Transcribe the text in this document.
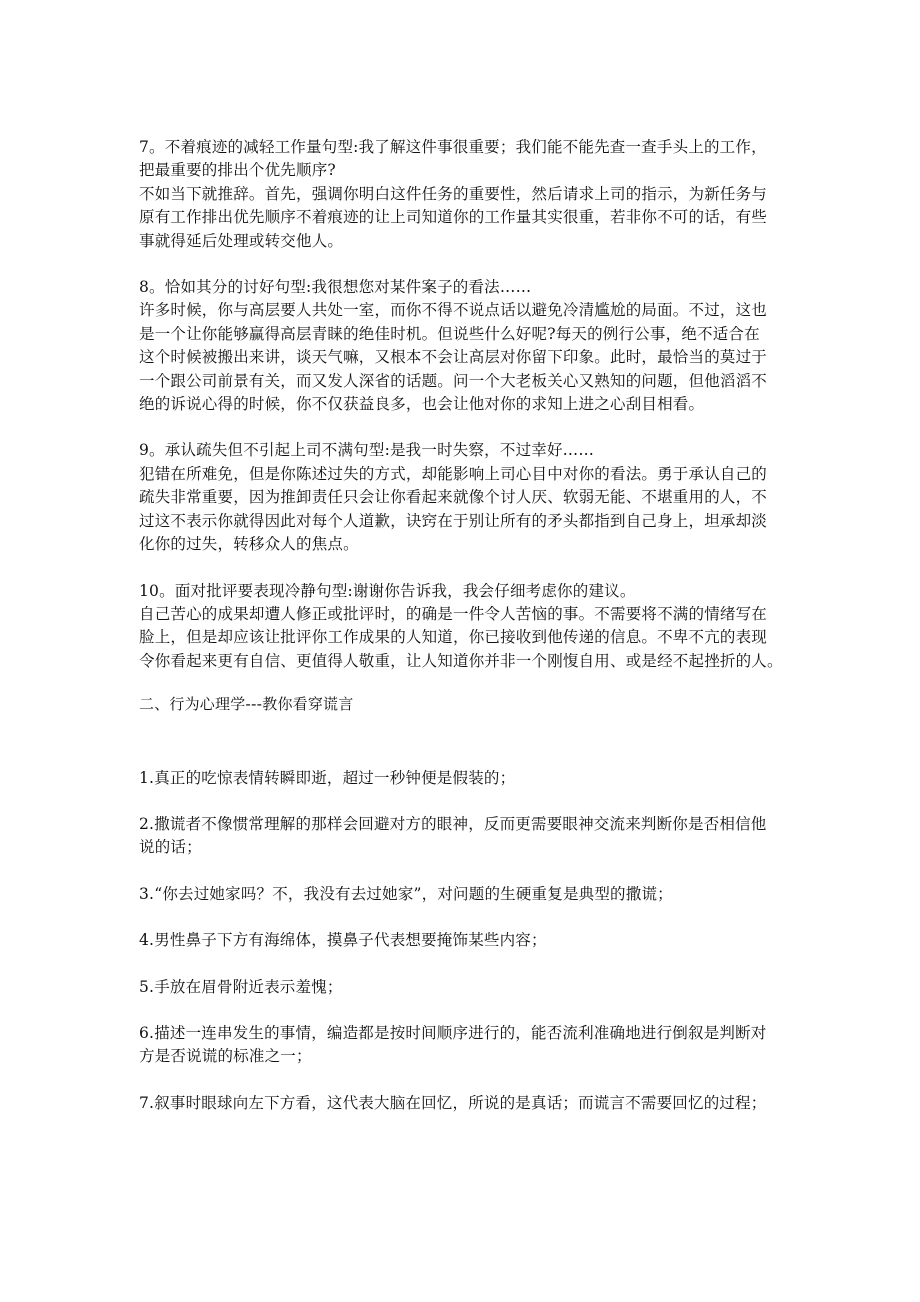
7。不着痕迹的减轻工作量句型:我了解这件事很重要；我们能不能先查一查手头上的工作，
把最重要的排出个优先顺序?
不如当下就推辞。首先，强调你明白这件任务的重要性，然后请求上司的指示，为新任务与
原有工作排出优先顺序不着痕迹的让上司知道你的工作量其实很重，若非你不可的话，有些
事就得延后处理或转交他人。
8。恰如其分的讨好句型:我很想您对某件案子的看法……
许多时候，你与高层要人共处一室，而你不得不说点话以避免冷清尴尬的局面。不过，这也
是一个让你能够赢得高层青睐的绝佳时机。但说些什么好呢?每天的例行公事，绝不适合在
这个时候被搬出来讲，谈天气嘛，又根本不会让高层对你留下印象。此时，最恰当的莫过于
一个跟公司前景有关，而又发人深省的话题。问一个大老板关心又熟知的问题，但他滔滔不
绝的诉说心得的时候，你不仅获益良多，也会让他对你的求知上进之心刮目相看。
9。承认疏失但不引起上司不满句型:是我一时失察，不过幸好……
犯错在所难免，但是你陈述过失的方式，却能影响上司心目中对你的看法。勇于承认自己的
疏失非常重要，因为推卸责任只会让你看起来就像个讨人厌、软弱无能、不堪重用的人，不
过这不表示你就得因此对每个人道歉，诀窍在于别让所有的矛头都指到自己身上，坦承却淡
化你的过失，转移众人的焦点。
10。面对批评要表现冷静句型:谢谢你告诉我，我会仔细考虑你的建议。
自己苦心的成果却遭人修正或批评时，的确是一件令人苦恼的事。不需要将不满的情绪写在
脸上，但是却应该让批评你工作成果的人知道，你已接收到他传递的信息。不卑不亢的表现
令你看起来更有自信、更值得人敬重，让人知道你并非一个刚愎自用、或是经不起挫折的人。
二、行为心理学---教你看穿谎言
1.真正的吃惊表情转瞬即逝，超过一秒钟便是假装的；
2.撒谎者不像惯常理解的那样会回避对方的眼神，反而更需要眼神交流来判断你是否相信他
说的话；
3.“你去过她家吗？不，我没有去过她家”，对问题的生硬重复是典型的撒谎；
4.男性鼻子下方有海绵体，摸鼻子代表想要掩饰某些内容；
5.手放在眉骨附近表示羞愧；
6.描述一连串发生的事情，编造都是按时间顺序进行的，能否流利准确地进行倒叙是判断对
方是否说谎的标准之一；
7.叙事时眼球向左下方看，这代表大脑在回忆，所说的是真话；而谎言不需要回忆的过程；
